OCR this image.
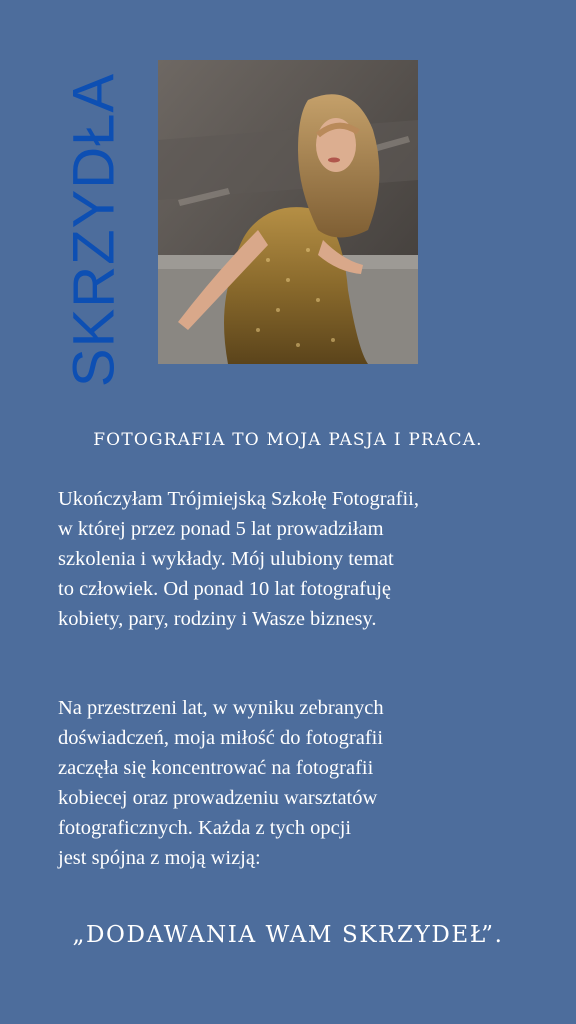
SKRZYDŁA
FOTOGRAFIA TO MOJA PASJA I PRACA.

Ukończyłam Trójmiejską Szkołę Fotografii,
w której przez ponad 5 lat prowadziłam
szkolenia i wykłady. Mój ulubiony temat
to człowiek. Od ponad 10 lat fotografuję
kobiety, pary, rodziny i Wasze biznesy.

Na przestrzeni lat, w wyniku zebranych
doświadczeń, moja miłość do fotografii
zaczęła się koncentrować na fotografii
kobiecej oraz prowadzeniu warsztatów
fotograficznych. Każda z tych opcji
jest spójna z moją wizją:

„DODAWANIA WAM SKRZYDEŁ”.
